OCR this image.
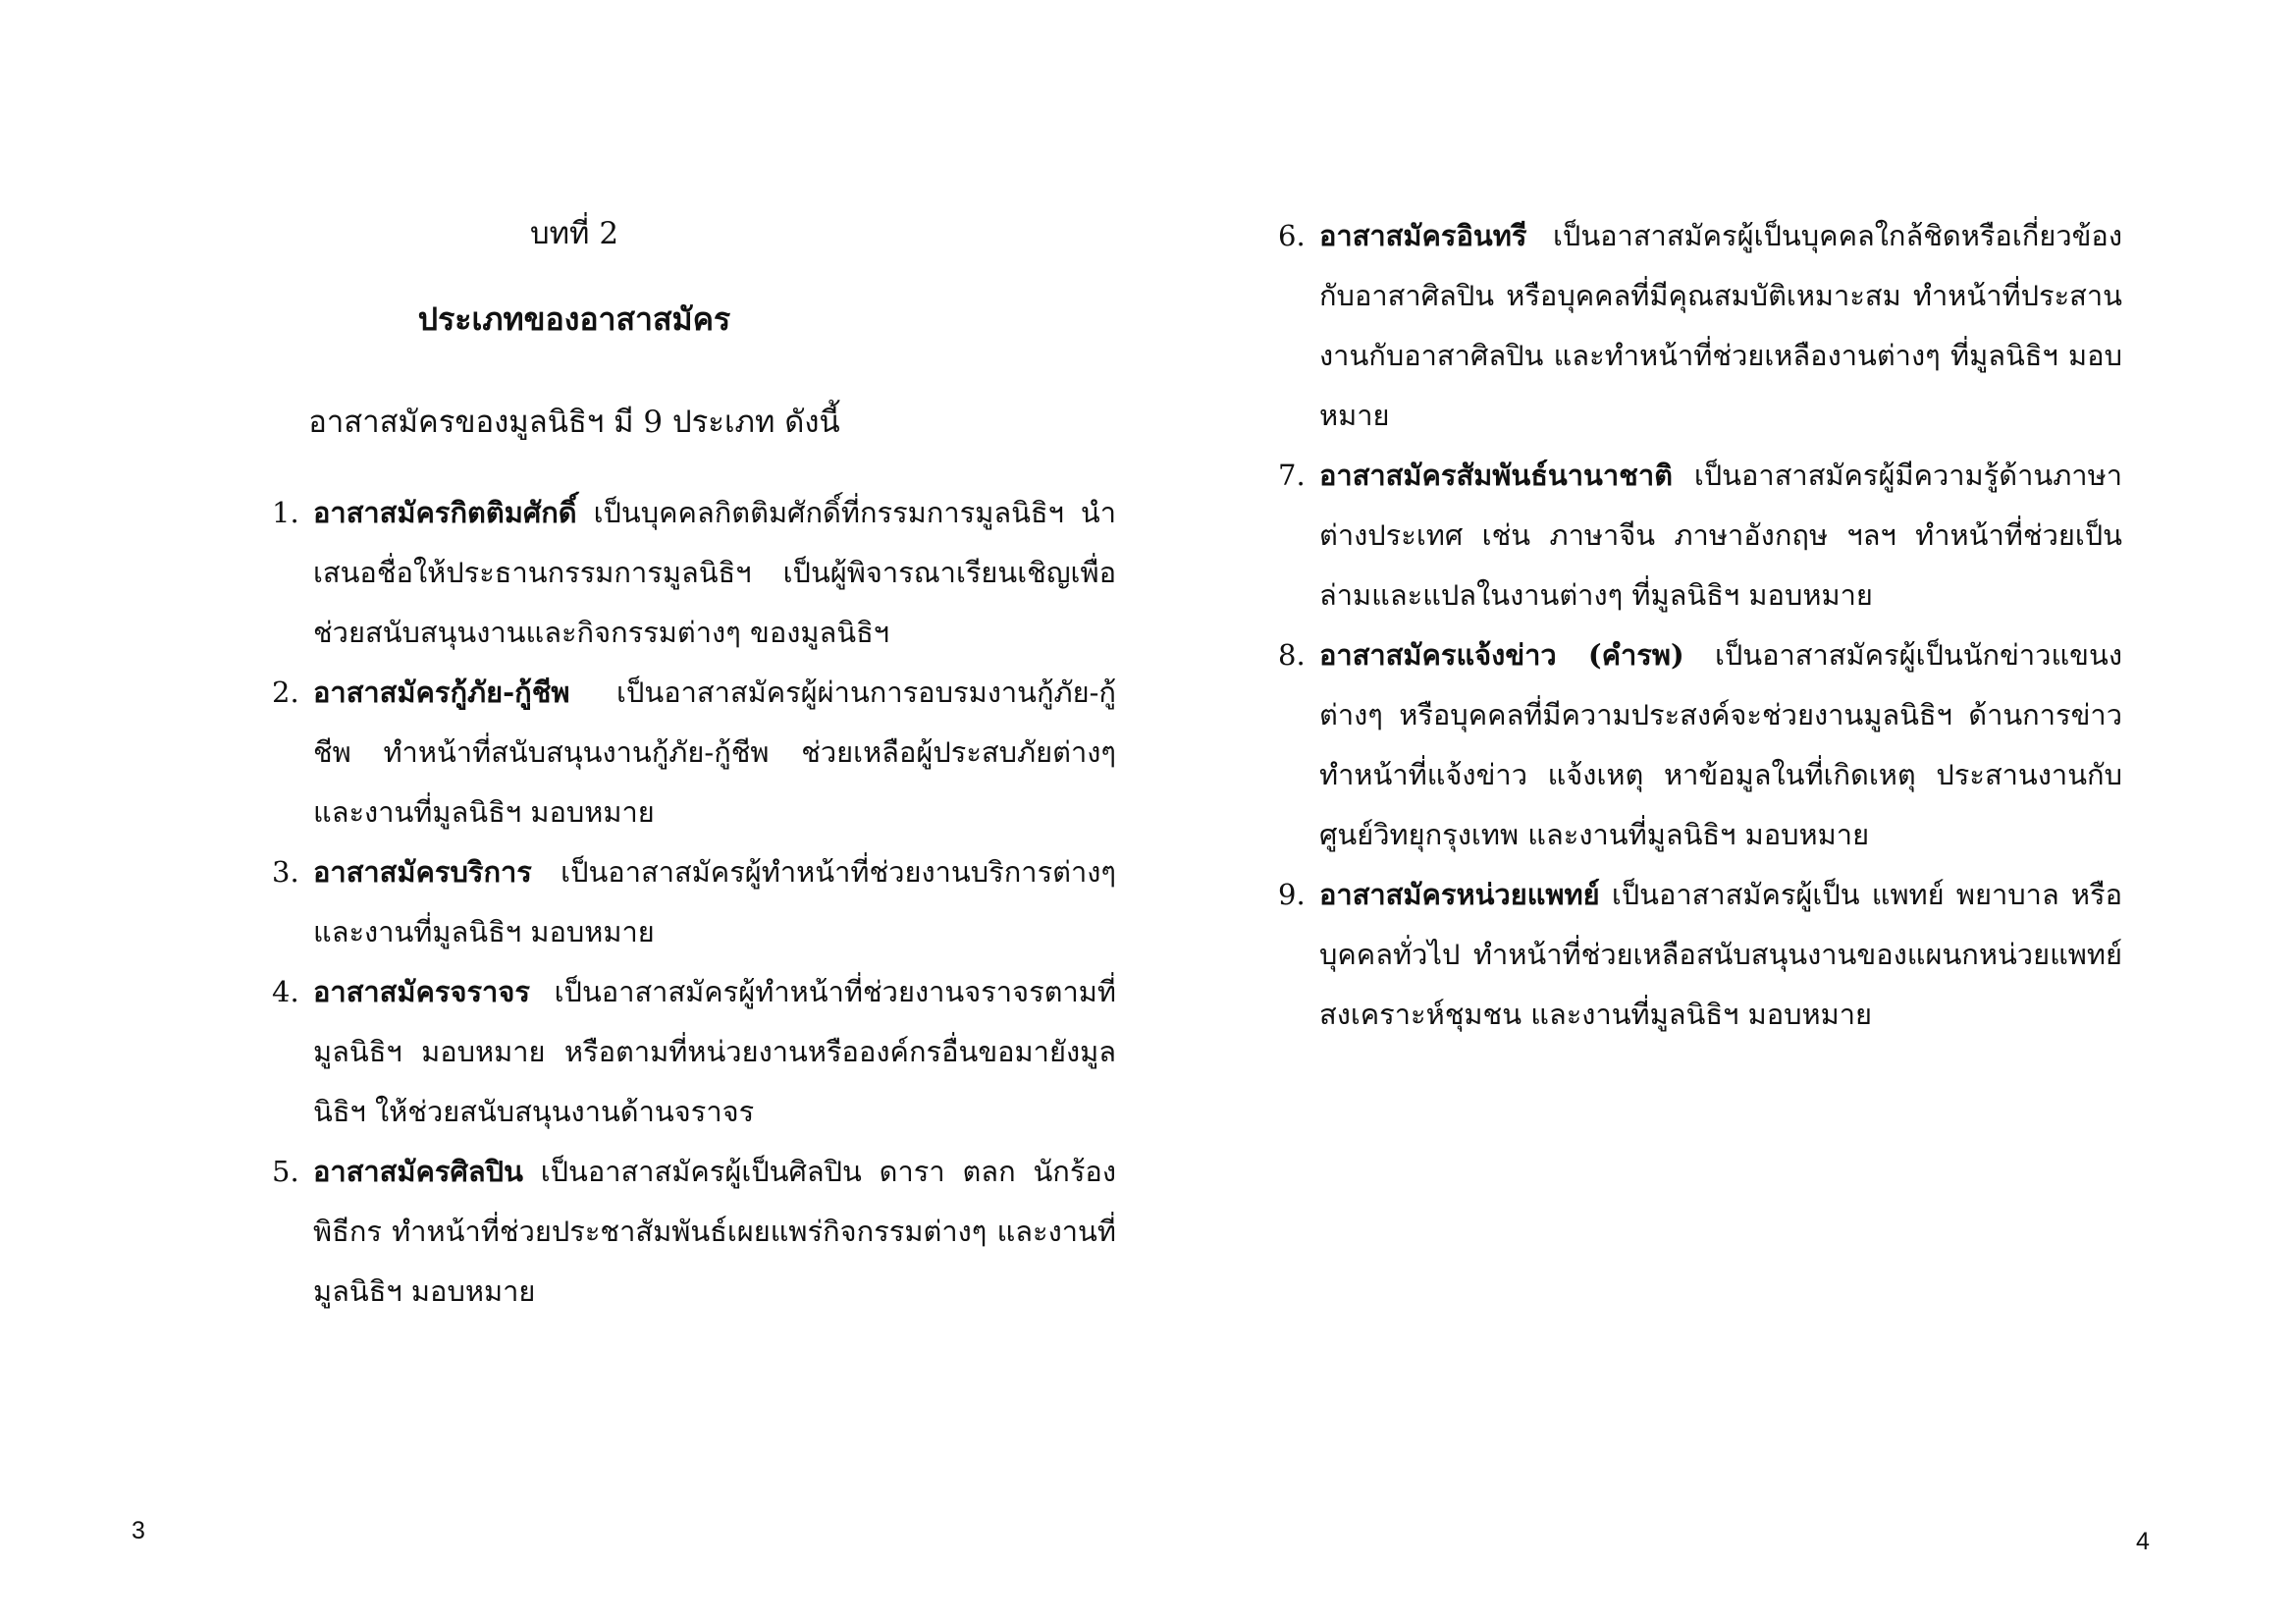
บทที่ 2
ประเภทของอาสาสมัคร
อาสาสมัครของมูลนิธิฯ มี 9 ประเภท ดังนี้
1. อาสาสมัครกิตติมศักดิ์ เป็นบุคคลกิตติมศักดิ์ที่กรรมการมูลนิธิฯ นำเสนอชื่อให้ประธานกรรมการมูลนิธิฯ เป็นผู้พิจารณาเรียนเชิญเพื่อช่วยสนับสนุนงานและกิจกรรมต่างๆ ของมูลนิธิฯ
2. อาสาสมัครกู้ภัย-กู้ชีพ เป็นอาสาสมัครผู้ผ่านการอบรมงานกู้ภัย-กู้ชีพ ทำหน้าที่สนับสนุนงานกู้ภัย-กู้ชีพ ช่วยเหลือผู้ประสบภัยต่างๆ และงานที่มูลนิธิฯ มอบหมาย
3. อาสาสมัครบริการ เป็นอาสาสมัครผู้ทำหน้าที่ช่วยงานบริการต่างๆ และงานที่มูลนิธิฯ มอบหมาย
4. อาสาสมัครจราจร เป็นอาสาสมัครผู้ทำหน้าที่ช่วยงานจราจรตามที่มูลนิธิฯ มอบหมาย หรือตามที่หน่วยงานหรือองค์กรอื่นขอมายังมูลนิธิฯ ให้ช่วยสนับสนุนงานด้านจราจร
5. อาสาสมัครศิลปิน เป็นอาสาสมัครผู้เป็นศิลปิน ดารา ตลก นักร้อง พิธีกร ทำหน้าที่ช่วยประชาสัมพันธ์เผยแพร่กิจกรรมต่างๆ และงานที่มูลนิธิฯ มอบหมาย
3
6. อาสาสมัครอินทรี เป็นอาสาสมัครผู้เป็นบุคคลใกล้ชิดหรือเกี่ยวข้องกับอาสาศิลปิน หรือบุคคลที่มีคุณสมบัติเหมาะสม ทำหน้าที่ประสานงานกับอาสาศิลปิน และทำหน้าที่ช่วยเหลืองานต่างๆ ที่มูลนิธิฯ มอบหมาย
7. อาสาสมัครสัมพันธ์นานาชาติ เป็นอาสาสมัครผู้มีความรู้ด้านภาษาต่างประเทศ เช่น ภาษาจีน ภาษาอังกฤษ ฯลฯ ทำหน้าที่ช่วยเป็นล่ามและแปลในงานต่างๆ ที่มูลนิธิฯ มอบหมาย
8. อาสาสมัครแจ้งข่าว (คำรพ) เป็นอาสาสมัครผู้เป็นนักข่าวแขนงต่างๆ หรือบุคคลที่มีความประสงค์จะช่วยงานมูลนิธิฯ ด้านการข่าว ทำหน้าที่แจ้งข่าว แจ้งเหตุ หาข้อมูลในที่เกิดเหตุ ประสานงานกับศูนย์วิทยุกรุงเทพ และงานที่มูลนิธิฯ มอบหมาย
9. อาสาสมัครหน่วยแพทย์ เป็นอาสาสมัครผู้เป็น แพทย์ พยาบาล หรือบุคคลทั่วไป ทำหน้าที่ช่วยเหลือสนับสนุนงานของแผนกหน่วยแพทย์สงเคราะห์ชุมชน และงานที่มูลนิธิฯ มอบหมาย
4
